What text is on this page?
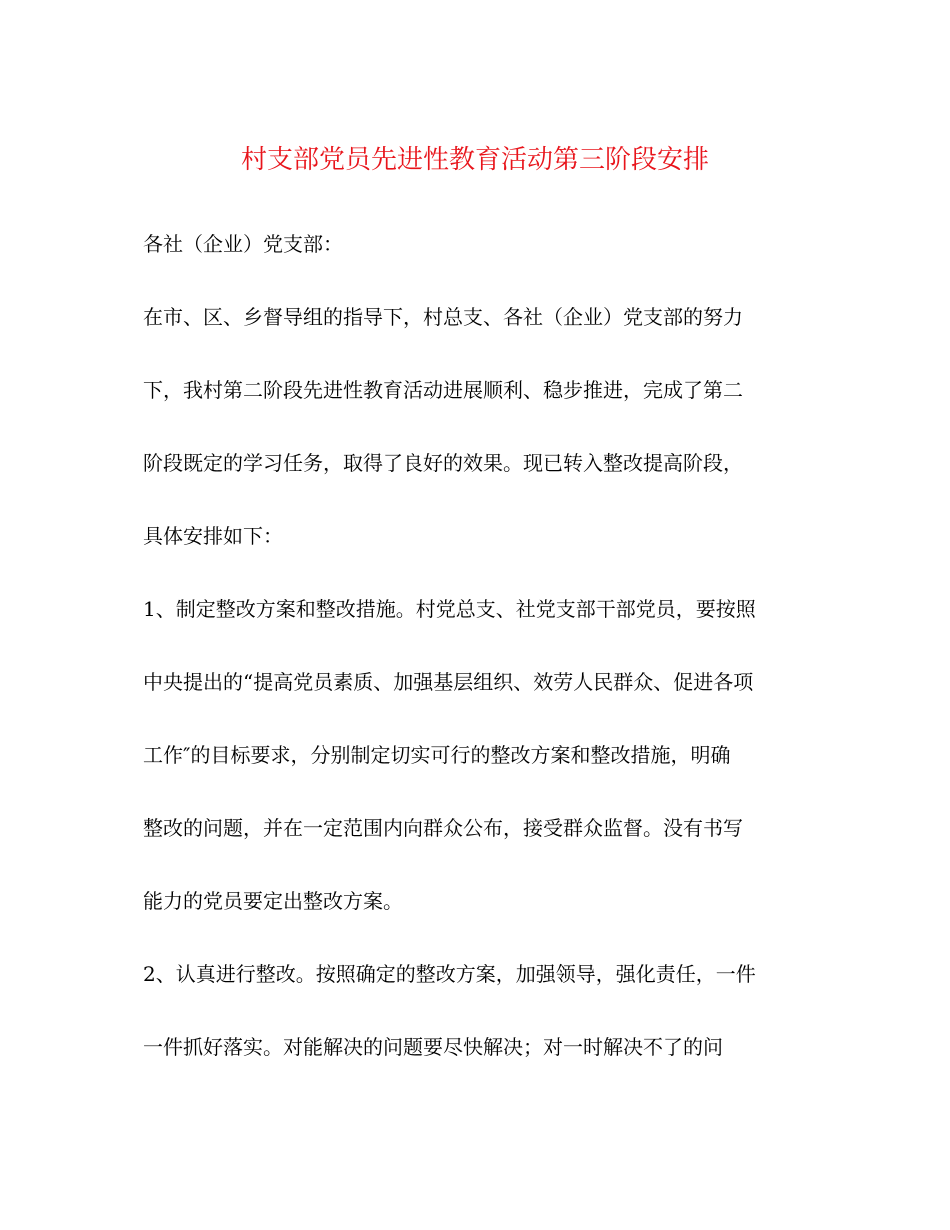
村支部党员先进性教育活动第三阶段安排
各社（企业）党支部：
在市、区、乡督导组的指导下，村总支、各社（企业）党支部的努力
下，我村第二阶段先进性教育活动进展顺利、稳步推进，完成了第二
阶段既定的学习任务，取得了良好的效果。现已转入整改提高阶段，
具体安排如下：
1、制定整改方案和整改措施。村党总支、社党支部干部党员，要按照
中央提出的“提高党员素质、加强基层组织、效劳人民群众、促进各项
工作″的目标要求，分别制定切实可行的整改方案和整改措施，明确
整改的问题，并在一定范围内向群众公布，接受群众监督。没有书写
能力的党员要定出整改方案。
2、认真进行整改。按照确定的整改方案，加强领导，强化责任，一件
一件抓好落实。对能解决的问题要尽快解决；对一时解决不了的问
